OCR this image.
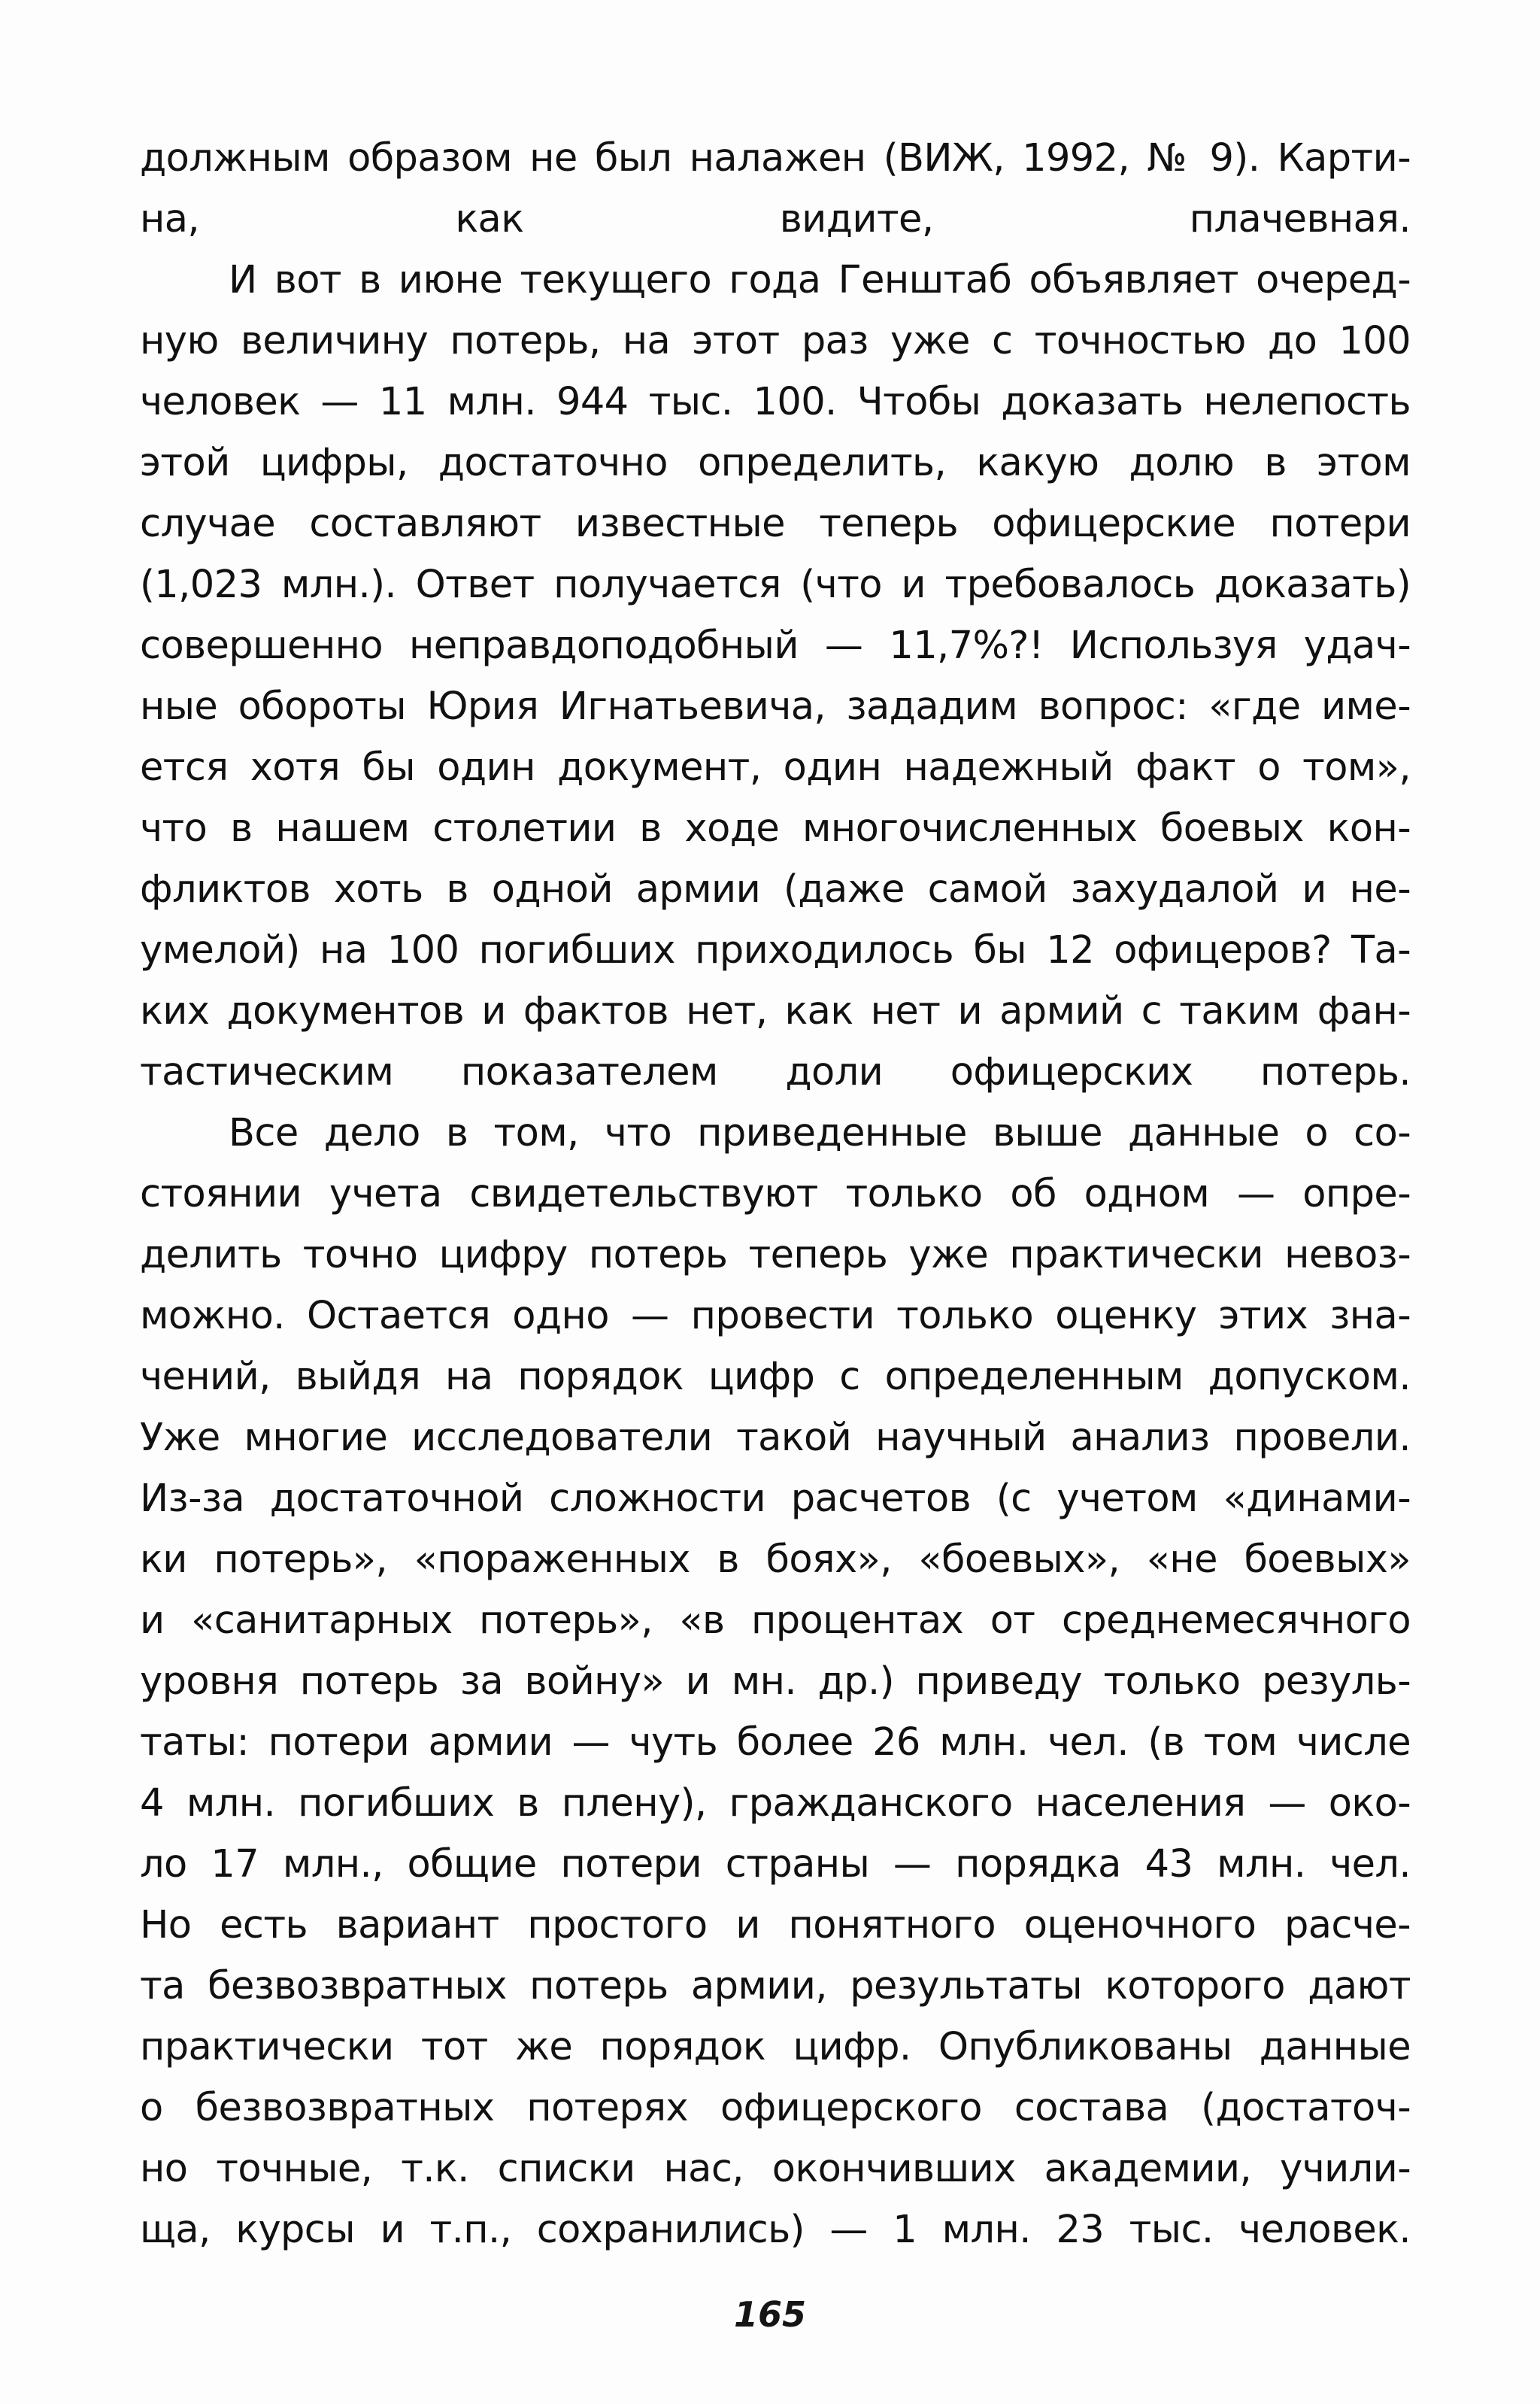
должным образом не был налажен (ВИЖ, 1992, № 9). Карти-
на, как видите, плачевная.
И вот в июне текущего года Генштаб объявляет очеред-
ную величину потерь, на этот раз уже с точностью до 100
человек — 11 млн. 944 тыс. 100. Чтобы доказать нелепость
этой цифры, достаточно определить, какую долю в этом
случае составляют известные теперь офицерские потери
(1,023 млн.). Ответ получается (что и требовалось доказать)
совершенно неправдоподобный — 11,7%?! Используя удач-
ные обороты Юрия Игнатьевича, зададим вопрос: «где име-
ется хотя бы один документ, один надежный факт о том»,
что в нашем столетии в ходе многочисленных боевых кон-
фликтов хоть в одной армии (даже самой захудалой и не-
умелой) на 100 погибших приходилось бы 12 офицеров? Та-
ких документов и фактов нет, как нет и армий с таким фан-
тастическим показателем доли офицерских потерь.
Все дело в том, что приведенные выше данные о со-
стоянии учета свидетельствуют только об одном — опре-
делить точно цифру потерь теперь уже практически невоз-
можно. Остается одно — провести только оценку этих зна-
чений, выйдя на порядок цифр с определенным допуском.
Уже многие исследователи такой научный анализ провели.
Из-за достаточной сложности расчетов (с учетом «динами-
ки потерь», «пораженных в боях», «боевых», «не боевых»
и «санитарных потерь», «в процентах от среднемесячного
уровня потерь за войну» и мн. др.) приведу только резуль-
таты: потери армии — чуть более 26 млн. чел. (в том числе
4 млн. погибших в плену), гражданского населения — око-
ло 17 млн., общие потери страны — порядка 43 млн. чел.
Но есть вариант простого и понятного оценочного расче-
та безвозвратных потерь армии, результаты которого дают
практически тот же порядок цифр. Опубликованы данные
о безвозвратных потерях офицерского состава (достаточ-
но точные, т.к. списки нас, окончивших академии, учили-
ща, курсы и т.п., сохранились) — 1 млн. 23 тыс. человек.
165
